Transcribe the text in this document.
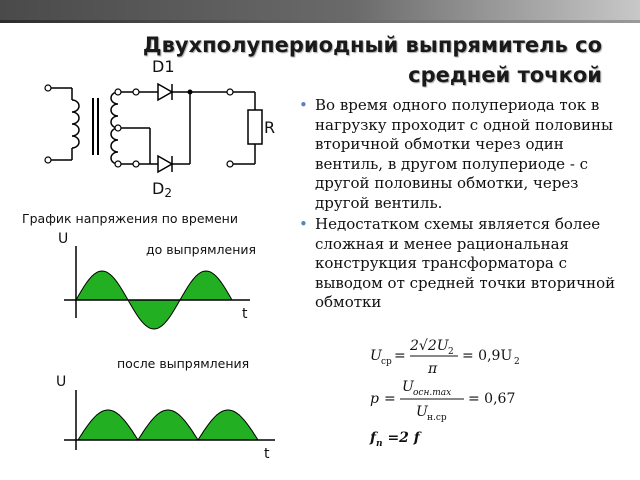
Двухполупериодный выпрямитель со средней точкой
• Во время одного полупериода ток в нагрузку проходит с одной половины вторичной обмотки через один вентиль, в другом полупериоде - с другой половины обмотки, через другой вентиль.
• Недостатком схемы является более сложная и менее рациональная конструкция трансформатора с выводом от средней точки вторичной обмотки
D1
D2
R
График напряжения по времени
до выпрямления
после выпрямления
U
t
U
t
U ср =
2√2U 2
π
= 0,9U 2
p =
U осн.max
U н.ср
= 0,67
$f_п =2$ f
